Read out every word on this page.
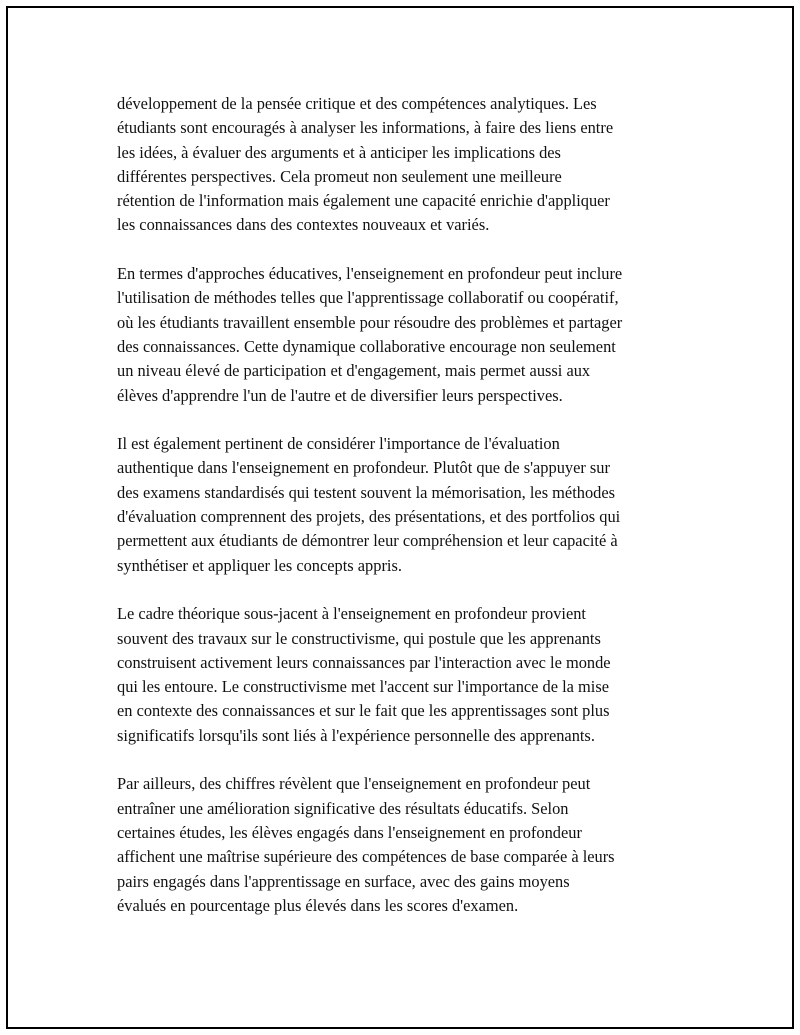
développement de la pensée critique et des compétences analytiques. Les
étudiants sont encouragés à analyser les informations, à faire des liens entre
les idées, à évaluer des arguments et à anticiper les implications des
différentes perspectives. Cela promeut non seulement une meilleure
rétention de l'information mais également une capacité enrichie d'appliquer
les connaissances dans des contextes nouveaux et variés.

En termes d'approches éducatives, l'enseignement en profondeur peut inclure
l'utilisation de méthodes telles que l'apprentissage collaboratif ou coopératif,
où les étudiants travaillent ensemble pour résoudre des problèmes et partager
des connaissances. Cette dynamique collaborative encourage non seulement
un niveau élevé de participation et d'engagement, mais permet aussi aux
élèves d'apprendre l'un de l'autre et de diversifier leurs perspectives.

Il est également pertinent de considérer l'importance de l'évaluation
authentique dans l'enseignement en profondeur. Plutôt que de s'appuyer sur
des examens standardisés qui testent souvent la mémorisation, les méthodes
d'évaluation comprennent des projets, des présentations, et des portfolios qui
permettent aux étudiants de démontrer leur compréhension et leur capacité à
synthétiser et appliquer les concepts appris.

Le cadre théorique sous-jacent à l'enseignement en profondeur provient
souvent des travaux sur le constructivisme, qui postule que les apprenants
construisent activement leurs connaissances par l'interaction avec le monde
qui les entoure. Le constructivisme met l'accent sur l'importance de la mise
en contexte des connaissances et sur le fait que les apprentissages sont plus
significatifs lorsqu'ils sont liés à l'expérience personnelle des apprenants.

Par ailleurs, des chiffres révèlent que l'enseignement en profondeur peut
entraîner une amélioration significative des résultats éducatifs. Selon
certaines études, les élèves engagés dans l'enseignement en profondeur
affichent une maîtrise supérieure des compétences de base comparée à leurs
pairs engagés dans l'apprentissage en surface, avec des gains moyens
évalués en pourcentage plus élevés dans les scores d'examen.
